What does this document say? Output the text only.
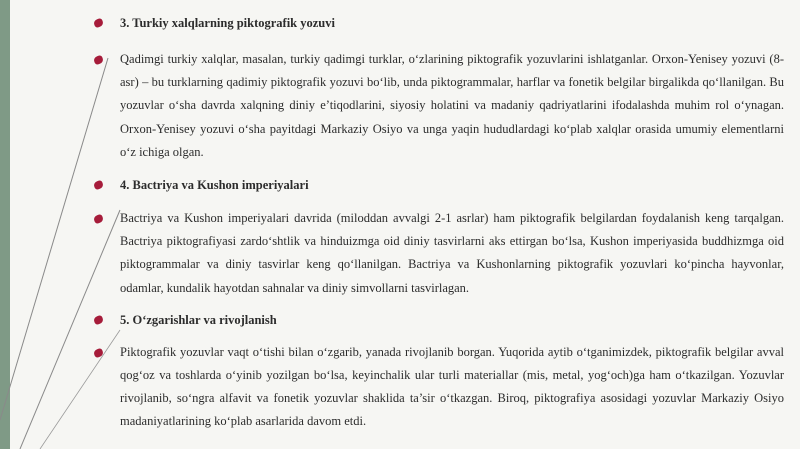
3. Turkiy xalqlarning piktografik yozuvi
Qadimgi turkiy xalqlar, masalan, turkiy qadimgi turklar, o‘zlarining piktografik yozuvlarini ishlatganlar. Orxon-Yenisey yozuvi (8-asr) – bu turklarning qadimiy piktografik yozuvi bo‘lib, unda piktogrammalar, harflar va fonetik belgilar birgalikda qo‘llanilgan. Bu yozuvlar o‘sha davrda xalqning diniy e’tiqodlarini, siyosiy holatini va madaniy qadriyatlarini ifodalashda muhim rol o‘ynagan. Orxon-Yenisey yozuvi o‘sha payitdagi Markaziy Osiyo va unga yaqin hududlardagi ko‘plab xalqlar orasida umumiy elementlarni o‘z ichiga olgan.
4. Bactriya va Kushon imperiyalari
Bactriya va Kushon imperiyalari davrida (miloddan avvalgi 2-1 asrlar) ham piktografik belgilardan foydalanish keng tarqalgan. Bactriya piktografiyasi zardo‘shtlik va hinduizmga oid diniy tasvirlarni aks ettirgan bo‘lsa, Kushon imperiyasida buddhizmga oid piktogrammalar va diniy tasvirlar keng qo‘llanilgan. Bactriya va Kushonlarning piktografik yozuvlari ko‘pincha hayvonlar, odamlar, kundalik hayotdan sahnalar va diniy simvollarni tasvirlagan.
5. O‘zgarishlar va rivojlanish
Piktografik yozuvlar vaqt o‘tishi bilan o‘zgarib, yanada rivojlanib borgan. Yuqorida aytib o‘tganimizdek, piktografik belgilar avval qog‘oz va toshlarda o‘yinib yozilgan bo‘lsa, keyinchalik ular turli materiallar (mis, metal, yog‘och)ga ham o‘tkazilgan. Yozuvlar rivojlanib, so‘ngra alfavit va fonetik yozuvlar shaklida ta’sir o‘tkazgan. Biroq, piktografiya asosidagi yozuvlar Markaziy Osiyo madaniyatlarining ko‘plab asarlarida davom etdi.
